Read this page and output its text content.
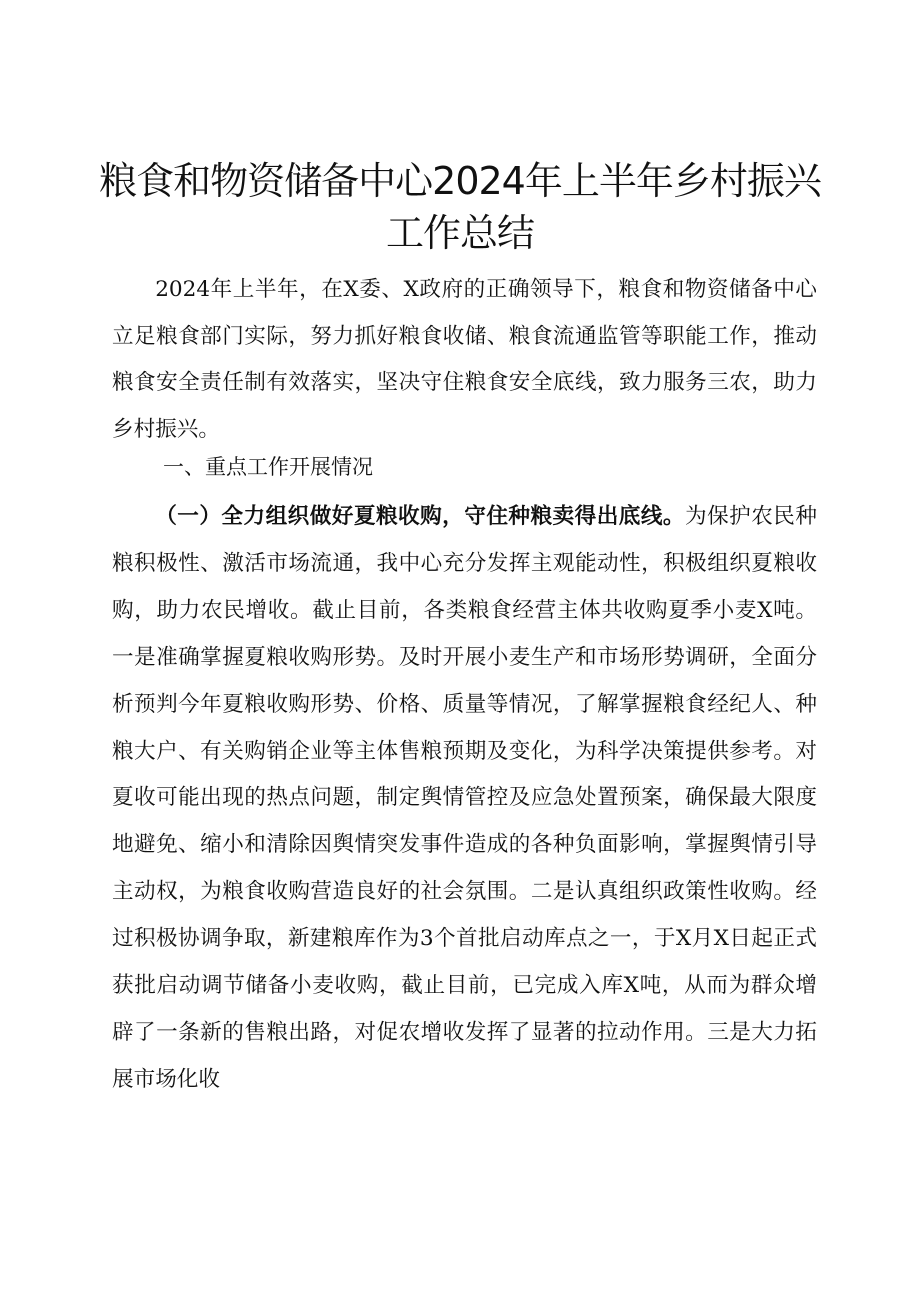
粮食和物资储备中心2024年上半年乡村振兴
工作总结

2024年上半年，在X委、X政府的正确领导下，粮食和物资储备中心立足粮食部门实际，努力抓好粮食收储、粮食流通监管等职能工作，推动粮食安全责任制有效落实，坚决守住粮食安全底线，致力服务三农，助力乡村振兴。

一、重点工作开展情况

（一）全力组织做好夏粮收购，守住种粮卖得出底线。为保护农民种粮积极性、激活市场流通，我中心充分发挥主观能动性，积极组织夏粮收购，助力农民增收。截止目前，各类粮食经营主体共收购夏季小麦X吨。一是准确掌握夏粮收购形势。及时开展小麦生产和市场形势调研，全面分析预判今年夏粮收购形势、价格、质量等情况，了解掌握粮食经纪人、种粮大户、有关购销企业等主体售粮预期及变化，为科学决策提供参考。对夏收可能出现的热点问题，制定舆情管控及应急处置预案，确保最大限度地避免、缩小和清除因舆情突发事件造成的各种负面影响，掌握舆情引导主动权，为粮食收购营造良好的社会氛围。二是认真组织政策性收购。经过积极协调争取，新建粮库作为3个首批启动库点之一，于X月X日起正式获批启动调节储备小麦收购，截止目前，已完成入库X吨，从而为群众增辟了一条新的售粮出路，对促农增收发挥了显著的拉动作用。三是大力拓展市场化收
